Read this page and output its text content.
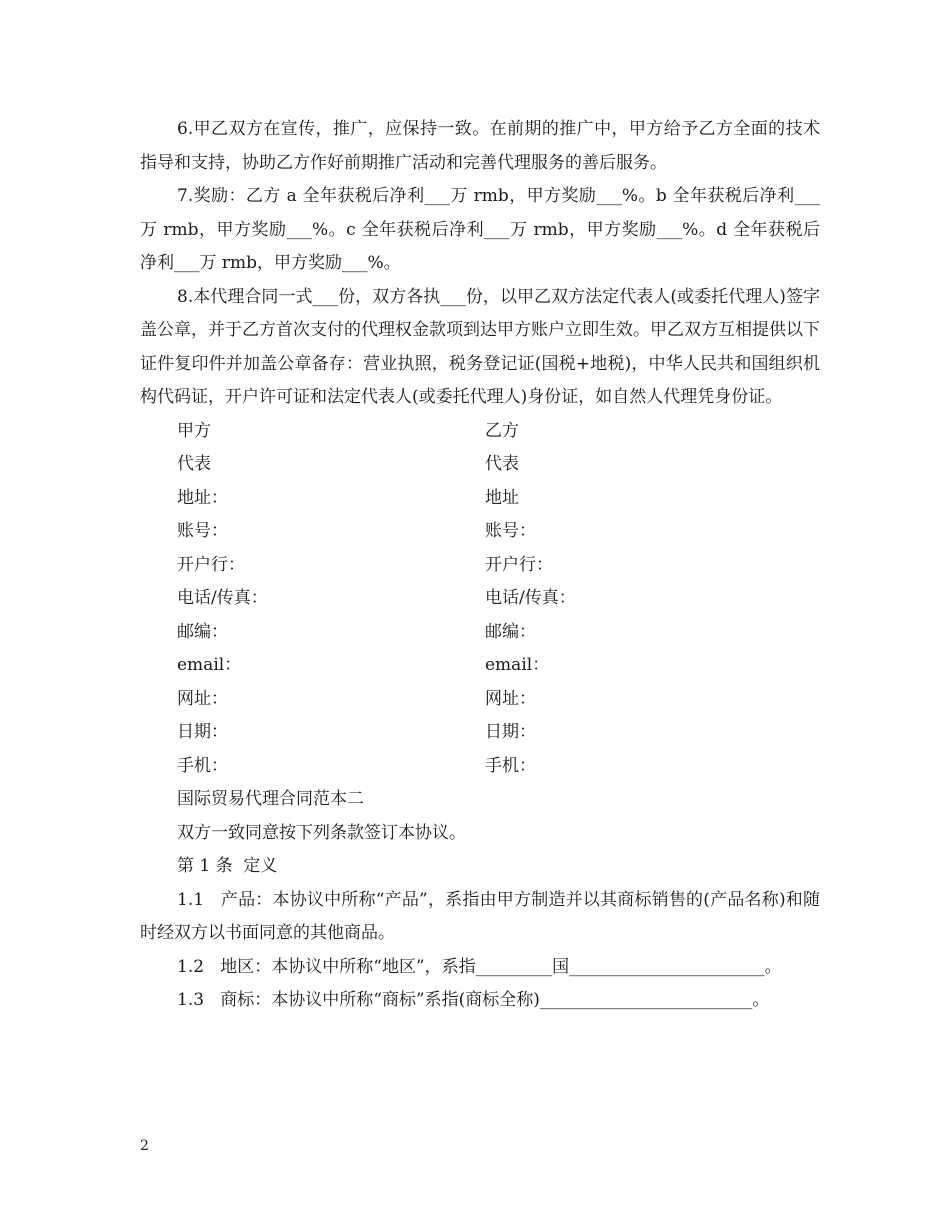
6.甲乙双方在宣传，推广，应保持一致。在前期的推广中，甲方给予乙方全面的技术指导和支持，协助乙方作好前期推广活动和完善代理服务的善后服务。

7.奖励：乙方 a 全年获税后净利___万 rmb，甲方奖励___%。b 全年获税后净利___万 rmb，甲方奖励___%。c 全年获税后净利___万 rmb，甲方奖励___%。d 全年获税后净利___万 rmb，甲方奖励___%。

8.本代理合同一式___份，双方各执___份，以甲乙双方法定代表人(或委托代理人)签字盖公章，并于乙方首次支付的代理权金款项到达甲方账户立即生效。甲乙双方互相提供以下证件复印件并加盖公章备存：营业执照，税务登记证(国税+地税)，中华人民共和国组织机构代码证，开户许可证和法定代表人(或委托代理人)身份证，如自然人代理凭身份证。

甲方	乙方
代表	代表
地址：	地址
账号：	账号：
开户行：	开户行：
电话/传真：	电话/传真：
邮编：	邮编：
email：	email：
网址：	网址：
日期：	日期：
手机：	手机：

国际贸易代理合同范本二

双方一致同意按下列条款签订本协议。

第 1 条  定义

1.1   产品：本协议中所称“产品”，系指由甲方制造并以其商标销售的(产品名称)和随时经双方以书面同意的其他商品。

1.2   地区：本协议中所称“地区”，系指_________国_______________________。

1.3   商标：本协议中所称“商标”系指(商标全称)_________________________。

2
